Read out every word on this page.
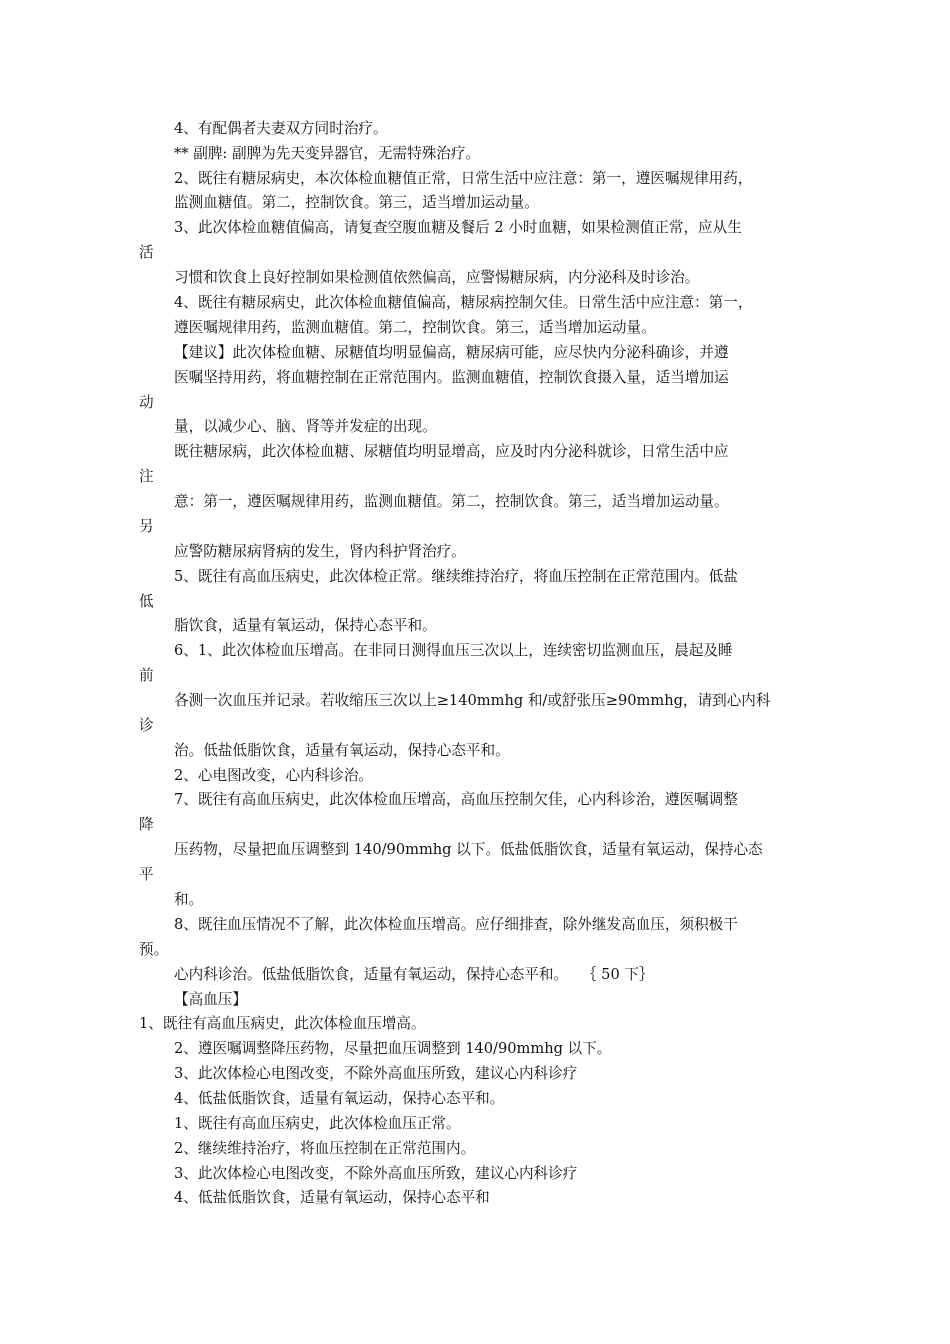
4、有配偶者夫妻双方同时治疗。
** 副脾: 副脾为先天变异器官，无需特殊治疗。
2、既往有糖尿病史，本次体检血糖值正常，日常生活中应注意：第一，遵医嘱规律用药，
监测血糖值。第二，控制饮食。第三，适当增加运动量。
3、此次体检血糖值偏高，请复查空腹血糖及餐后 2 小时血糖，如果检测值正常，应从生
活
习惯和饮食上良好控制如果检测值依然偏高，应警惕糖尿病，内分泌科及时诊治。
4、既往有糖尿病史，此次体检血糖值偏高，糖尿病控制欠佳。日常生活中应注意：第一，
遵医嘱规律用药，监测血糖值。第二，控制饮食。第三，适当增加运动量。
【建议】此次体检血糖、尿糖值均明显偏高，糖尿病可能，应尽快内分泌科确诊，并遵
医嘱坚持用药，将血糖控制在正常范围内。监测血糖值，控制饮食摄入量，适当增加运
动
量，以减少心、脑、肾等并发症的出现。
既往糖尿病，此次体检血糖、尿糖值均明显增高，应及时内分泌科就诊，日常生活中应
注
意：第一，遵医嘱规律用药，监测血糖值。第二，控制饮食。第三，适当增加运动量。
另
应警防糖尿病肾病的发生，肾内科护肾治疗。
5、既往有高血压病史，此次体检正常。继续维持治疗，将血压控制在正常范围内。低盐
低
脂饮食，适量有氧运动，保持心态平和。
6、1、此次体检血压增高。在非同日测得血压三次以上，连续密切监测血压，晨起及睡
前
各测一次血压并记录。若收缩压三次以上≥140mmhg 和/或舒张压≥90mmhg，请到心内科
诊
治。低盐低脂饮食，适量有氧运动，保持心态平和。
2、心电图改变，心内科诊治。
7、既往有高血压病史，此次体检血压增高，高血压控制欠佳，心内科诊治，遵医嘱调整
降
压药物，尽量把血压调整到 140/90mmhg 以下。低盐低脂饮食，适量有氧运动，保持心态
平
和。
8、既往血压情况不了解，此次体检血压增高。应仔细排查，除外继发高血压，须积极干
预。
心内科诊治。低盐低脂饮食，适量有氧运动，保持心态平和。   ｛ 50 下｝
【高血压】
1、既往有高血压病史，此次体检血压增高。
2、遵医嘱调整降压药物，尽量把血压调整到 140/90mmhg 以下。
3、此次体检心电图改变，不除外高血压所致，建议心内科诊疗
4、低盐低脂饮食，适量有氧运动，保持心态平和。
1、既往有高血压病史，此次体检血压正常。
2、继续维持治疗，将血压控制在正常范围内。
3、此次体检心电图改变，不除外高血压所致，建议心内科诊疗
4、低盐低脂饮食，适量有氧运动，保持心态平和
